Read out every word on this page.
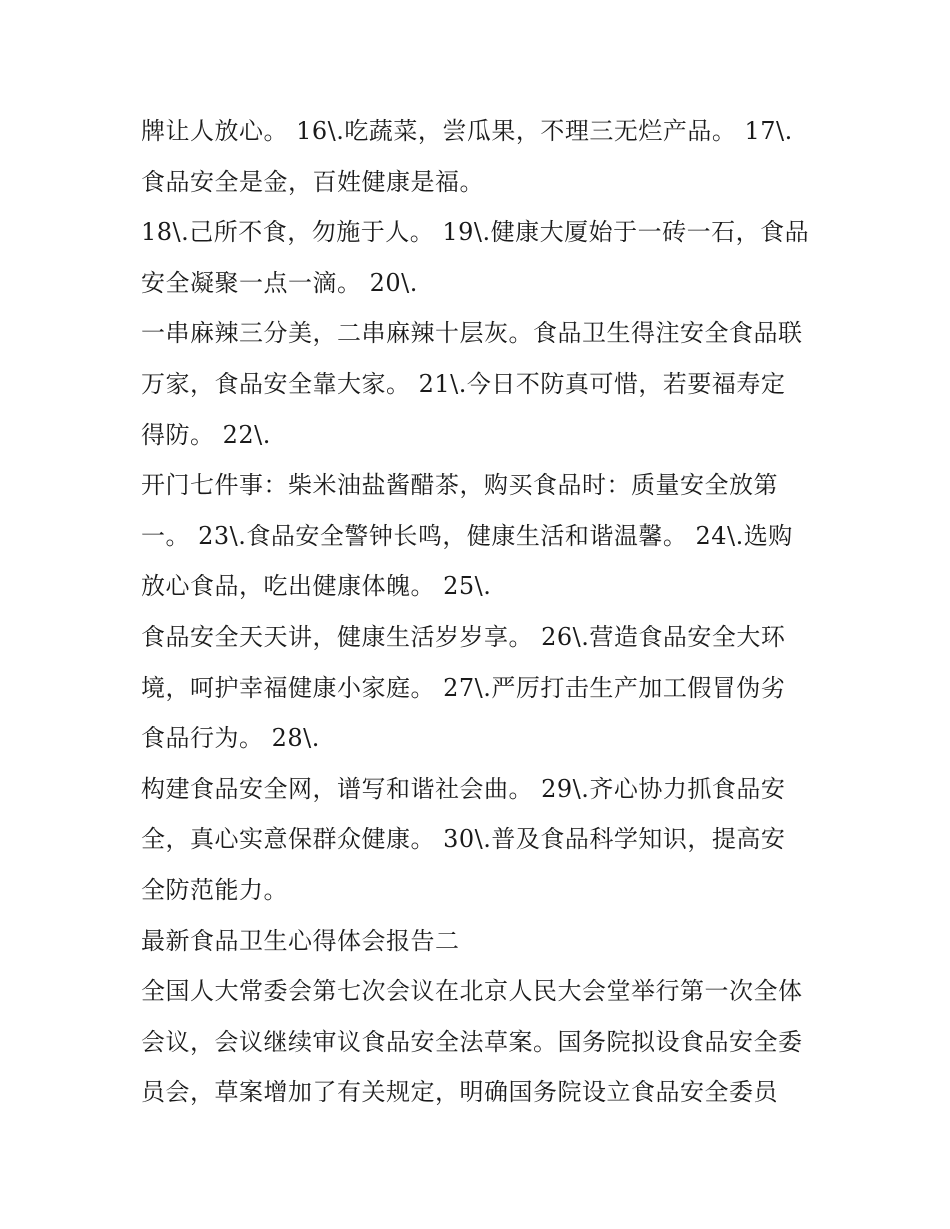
牌让人放心。 16\.吃蔬菜，尝瓜果，不理三无烂产品。 17\.
食品安全是金，百姓健康是福。
18\.己所不食，勿施于人。 19\.健康大厦始于一砖一石，食品
安全凝聚一点一滴。 20\.
一串麻辣三分美，二串麻辣十层灰。食品卫生得注安全食品联
万家，食品安全靠大家。 21\.今日不防真可惜，若要福寿定
得防。 22\.
开门七件事：柴米油盐酱醋茶，购买食品时：质量安全放第
一。 23\.食品安全警钟长鸣，健康生活和谐温馨。 24\.选购
放心食品，吃出健康体魄。 25\.
食品安全天天讲，健康生活岁岁享。 26\.营造食品安全大环
境，呵护幸福健康小家庭。 27\.严厉打击生产加工假冒伪劣
食品行为。 28\.
构建食品安全网，谱写和谐社会曲。 29\.齐心协力抓食品安
全，真心实意保群众健康。 30\.普及食品科学知识，提高安
全防范能力。
最新食品卫生心得体会报告二
全国人大常委会第七次会议在北京人民大会堂举行第一次全体
会议，会议继续审议食品安全法草案。国务院拟设食品安全委
员会，草案增加了有关规定，明确国务院设立食品安全委员
